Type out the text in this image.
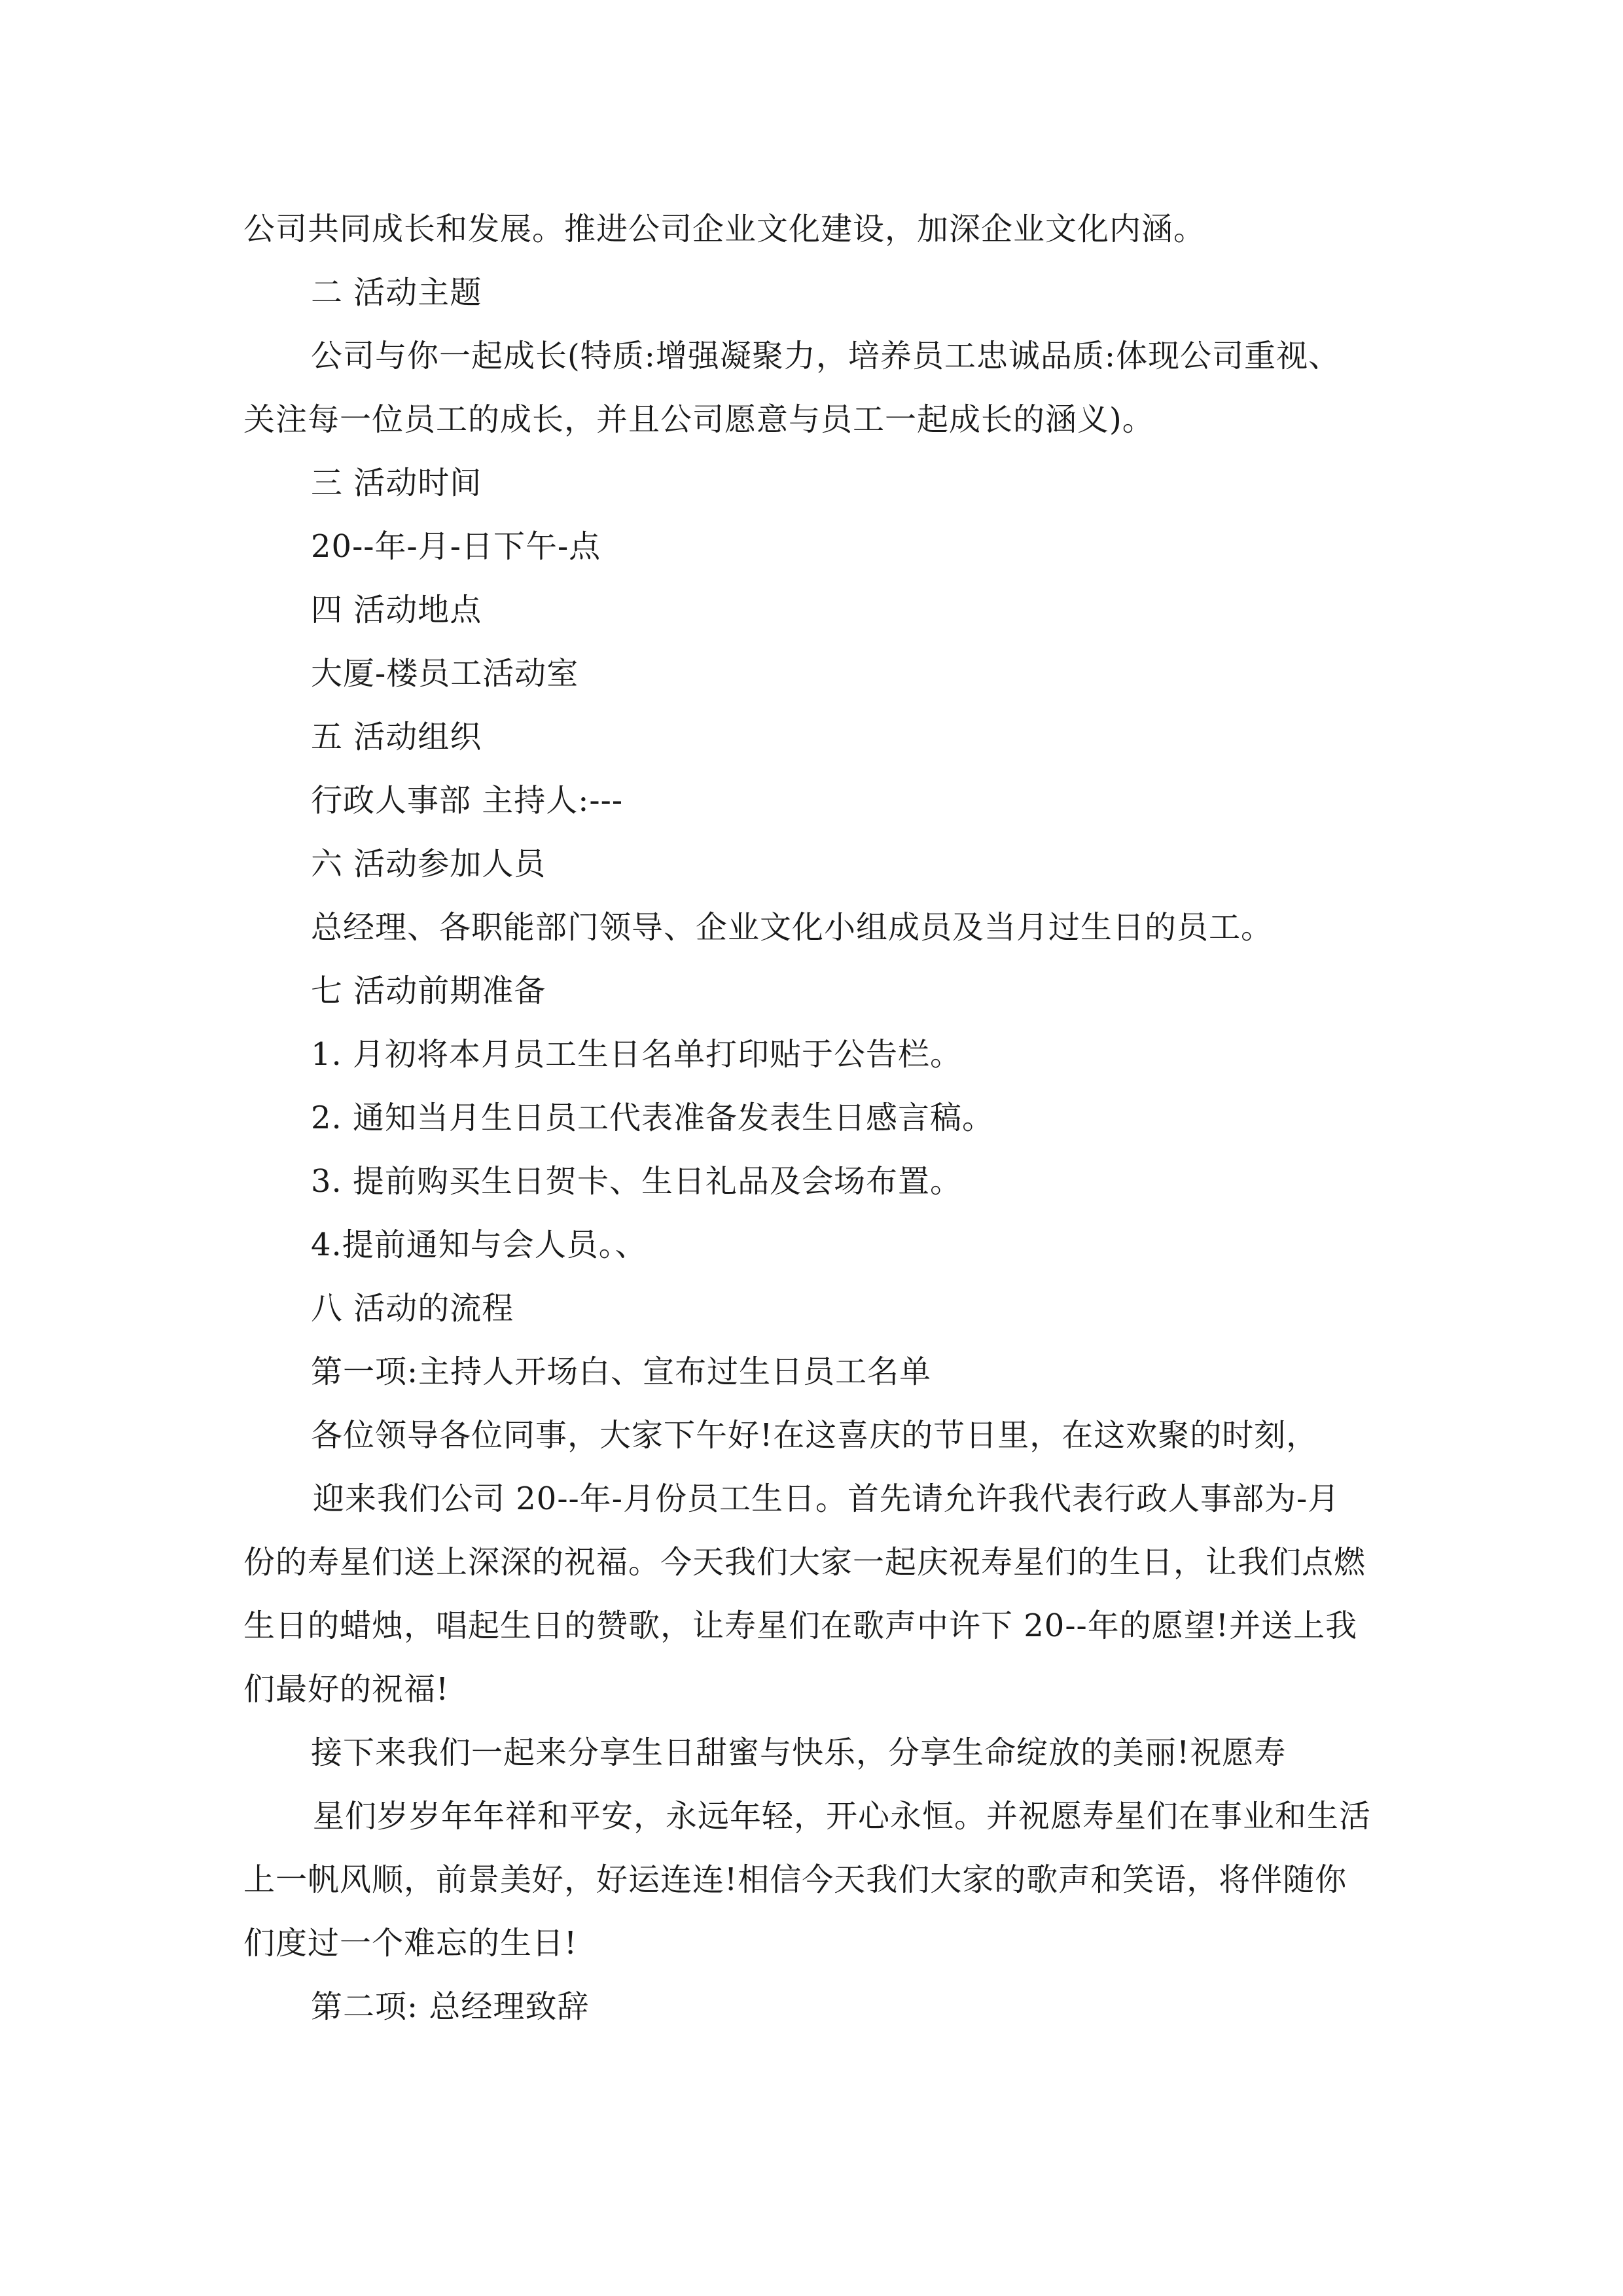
公司共同成长和发展。推进公司企业文化建设，加深企业文化内涵。
二 活动主题
公司与你一起成长(特质:增强凝聚力，培养员工忠诚品质:体现公司重视、
关注每一位员工的成长，并且公司愿意与员工一起成长的涵义)。
三 活动时间
20--年-月-日下午-点
四 活动地点
大厦-楼员工活动室
五 活动组织
行政人事部 主持人:---
六 活动参加人员
总经理、各职能部门领导、企业文化小组成员及当月过生日的员工。
七 活动前期准备
1. 月初将本月员工生日名单打印贴于公告栏。
2. 通知当月生日员工代表准备发表生日感言稿。
3. 提前购买生日贺卡、生日礼品及会场布置。
4.提前通知与会人员。、
八 活动的流程
第一项:主持人开场白、宣布过生日员工名单
各位领导各位同事，大家下午好!在这喜庆的节日里，在这欢聚的时刻，
迎来我们公司 20--年-月份员工生日。首先请允许我代表行政人事部为-月
份的寿星们送上深深的祝福。今天我们大家一起庆祝寿星们的生日，让我们点燃
生日的蜡烛，唱起生日的赞歌，让寿星们在歌声中许下 20--年的愿望!并送上我
们最好的祝福!
接下来我们一起来分享生日甜蜜与快乐，分享生命绽放的美丽!祝愿寿
星们岁岁年年祥和平安，永远年轻，开心永恒。并祝愿寿星们在事业和生活
上一帆风顺，前景美好，好运连连!相信今天我们大家的歌声和笑语，将伴随你
们度过一个难忘的生日!
第二项: 总经理致辞
